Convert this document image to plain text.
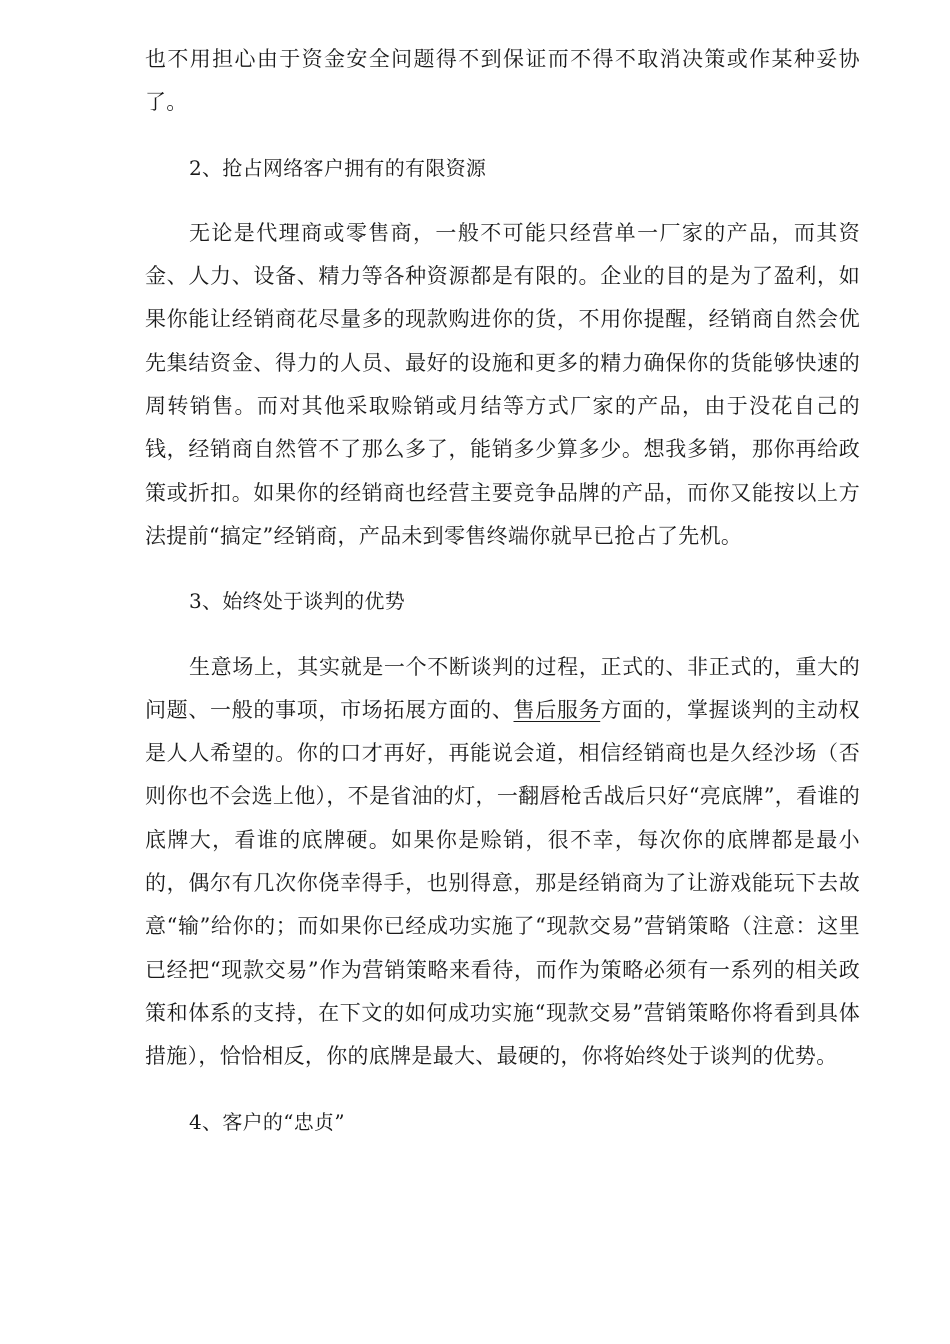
也不用担心由于资金安全问题得不到保证而不得不取消决策或作某种妥协了。

2、抢占网络客户拥有的有限资源

无论是代理商或零售商，一般不可能只经营单一厂家的产品，而其资金、人力、设备、精力等各种资源都是有限的。企业的目的是为了盈利，如果你能让经销商花尽量多的现款购进你的货，不用你提醒，经销商自然会优先集结资金、得力的人员、最好的设施和更多的精力确保你的货能够快速的周转销售。而对其他采取赊销或月结等方式厂家的产品，由于没花自己的钱，经销商自然管不了那么多了，能销多少算多少。想我多销，那你再给政策或折扣。如果你的经销商也经营主要竞争品牌的产品，而你又能按以上方法提前“搞定”经销商，产品未到零售终端你就早已抢占了先机。

3、始终处于谈判的优势

生意场上，其实就是一个不断谈判的过程，正式的、非正式的，重大的问题、一般的事项，市场拓展方面的、售后服务方面的，掌握谈判的主动权是人人希望的。你的口才再好，再能说会道，相信经销商也是久经沙场（否则你也不会选上他），不是省油的灯，一翻唇枪舌战后只好“亮底牌”，看谁的底牌大，看谁的底牌硬。如果你是赊销，很不幸，每次你的底牌都是最小的，偶尔有几次你侥幸得手，也别得意，那是经销商为了让游戏能玩下去故意“输”给你的；而如果你已经成功实施了“现款交易”营销策略（注意：这里已经把“现款交易”作为营销策略来看待，而作为策略必须有一系列的相关政策和体系的支持，在下文的如何成功实施“现款交易”营销策略你将看到具体措施），恰恰相反，你的底牌是最大、最硬的，你将始终处于谈判的优势。

4、客户的“忠贞”
